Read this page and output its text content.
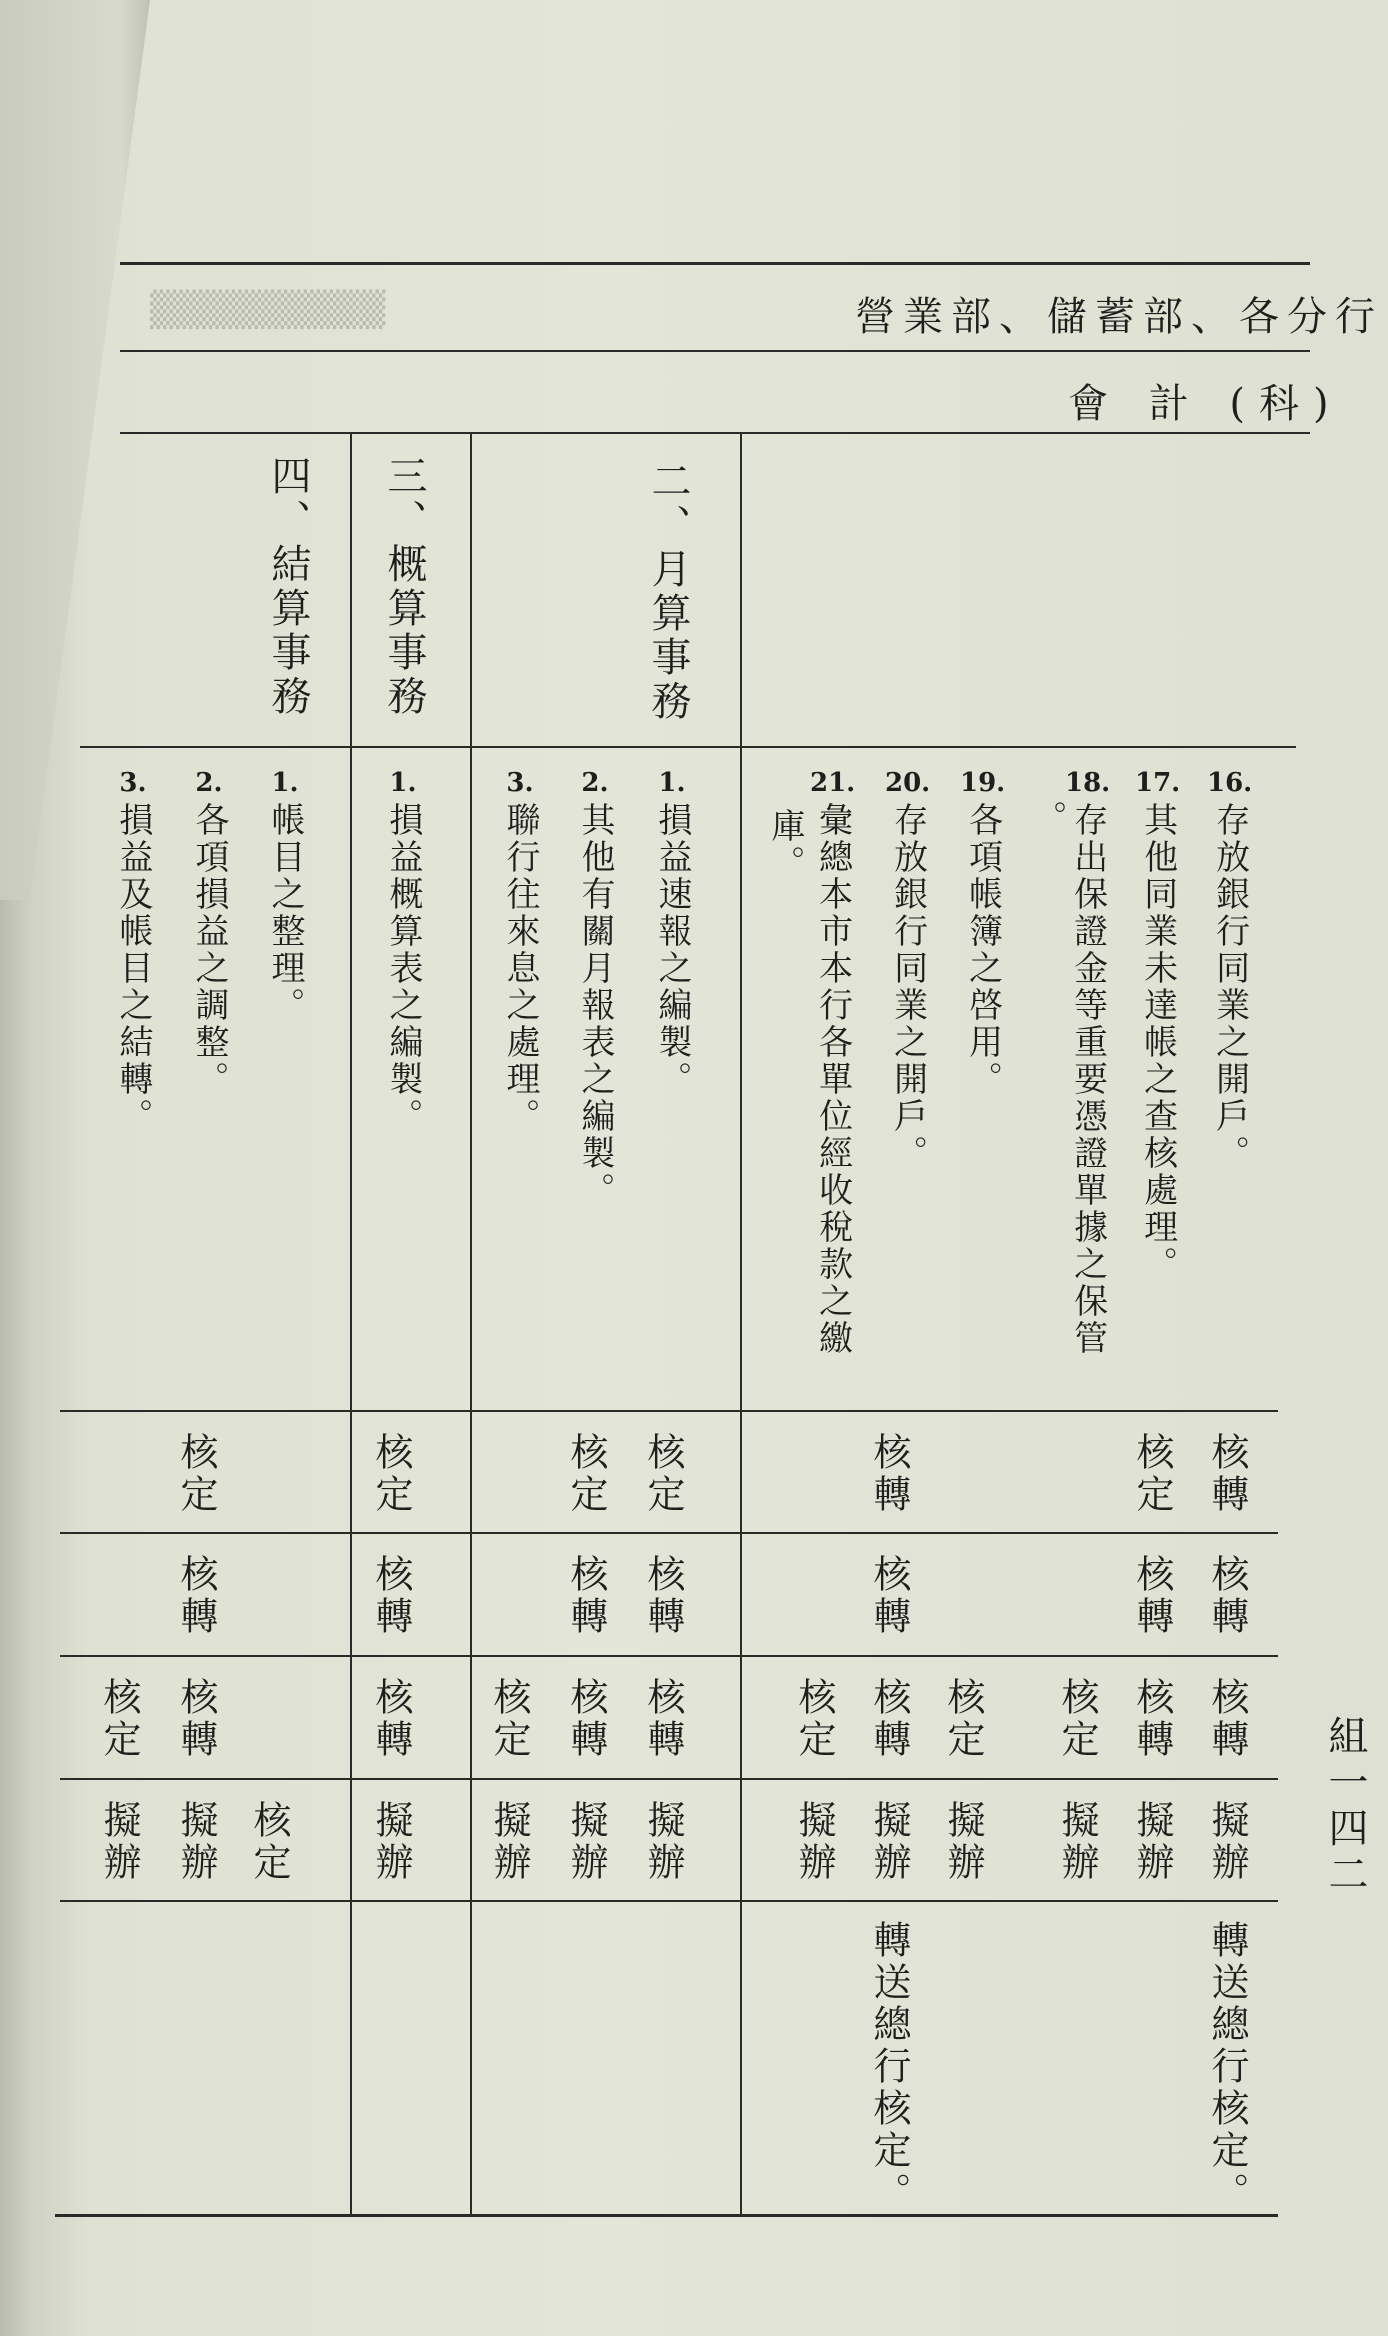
▒▒▒▒▒▒▒▒▒	營業部、儲蓄部、各分行
會 計 (科)
二、月算事務
三、概算事務
四、結算事務
16.存放銀行同業之開戶。
17.其他同業未達帳之查核處理。
18.存出保證金等重要憑證單據之保管
。
19.各項帳簿之啓用。
20.存放銀行同業之開戶。
21.彙總本市本行各單位經收稅款之繳
庫。
1.損益速報之編製。
2.其他有關月報表之編製。
3.聯行往來息之處理。
1.損益概算表之編製。
1.帳目之整理。
2.各項損益之調整。
3.損益及帳目之結轉。
核轉
核定
核轉
核定
核定
核定
核定
核轉
核轉
核轉
核轉
核轉
核轉
核轉
核轉
核轉
核定
核定
核轉
核定
核轉
核轉
核定
核轉
核轉
核定
擬辦
擬辦
擬辦
擬辦
擬辦
擬辦
擬辦
擬辦
擬辦
擬辦
核定
擬辦
擬辦
轉送總行核定。
轉送總行核定。
組一四二
